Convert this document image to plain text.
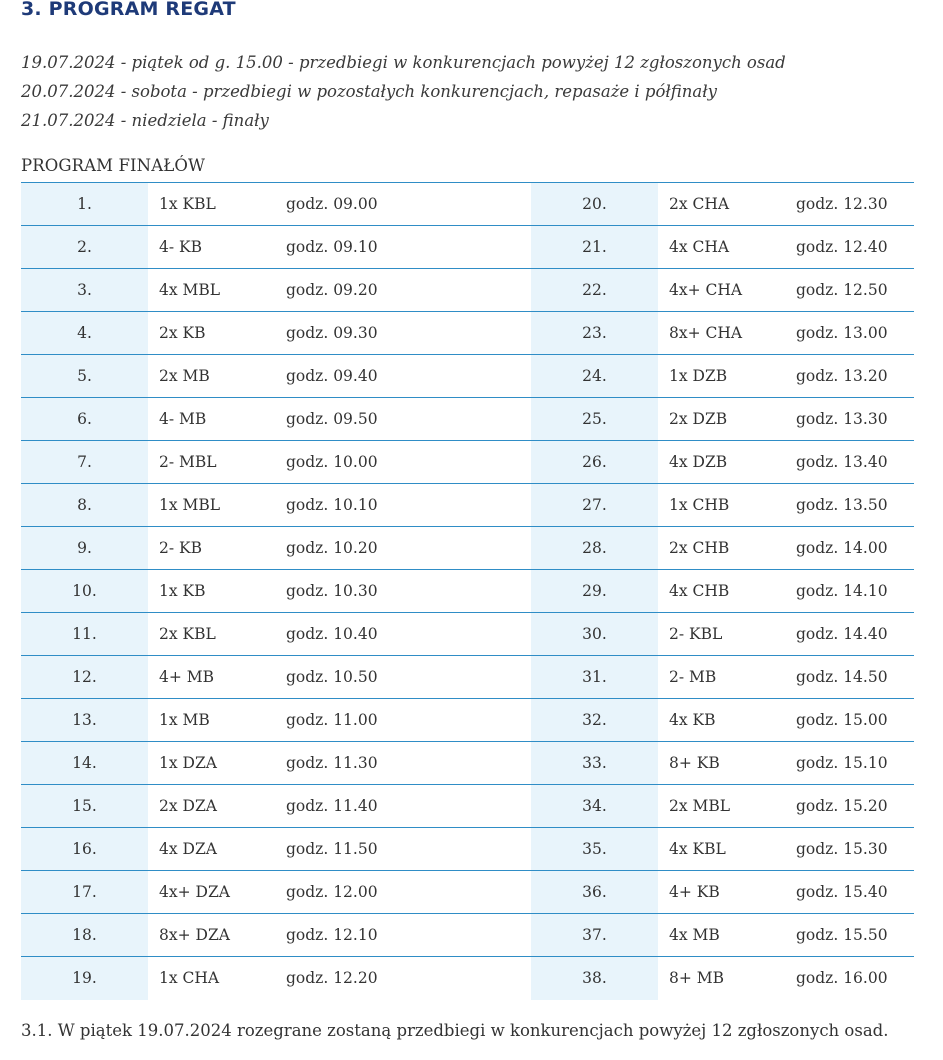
3. PROGRAM REGAT
19.07.2024 - piątek od g. 15.00 - przedbiegi w konkurencjach powyżej 12 zgłoszonych osad
20.07.2024 - sobota - przedbiegi w pozostałych konkurencjach, repasaże i półfinały
21.07.2024 - niedziela - finały
PROGRAM FINAŁÓW
1.	1x KBL	godz. 09.00	20.	2x CHA	godz. 12.30
2.	4- KB	godz. 09.10	21.	4x CHA	godz. 12.40
3.	4x MBL	godz. 09.20	22.	4x+ CHA	godz. 12.50
4.	2x KB	godz. 09.30	23.	8x+ CHA	godz. 13.00
5.	2x MB	godz. 09.40	24.	1x DZB	godz. 13.20
6.	4- MB	godz. 09.50	25.	2x DZB	godz. 13.30
7.	2- MBL	godz. 10.00	26.	4x DZB	godz. 13.40
8.	1x MBL	godz. 10.10	27.	1x CHB	godz. 13.50
9.	2- KB	godz. 10.20	28.	2x CHB	godz. 14.00
10.	1x KB	godz. 10.30	29.	4x CHB	godz. 14.10
11.	2x KBL	godz. 10.40	30.	2- KBL	godz. 14.40
12.	4+ MB	godz. 10.50	31.	2- MB	godz. 14.50
13.	1x MB	godz. 11.00	32.	4x KB	godz. 15.00
14.	1x DZA	godz. 11.30	33.	8+ KB	godz. 15.10
15.	2x DZA	godz. 11.40	34.	2x MBL	godz. 15.20
16.	4x DZA	godz. 11.50	35.	4x KBL	godz. 15.30
17.	4x+ DZA	godz. 12.00	36.	4+ KB	godz. 15.40
18.	8x+ DZA	godz. 12.10	37.	4x MB	godz. 15.50
19.	1x CHA	godz. 12.20	38.	8+ MB	godz. 16.00
3.1. W piątek 19.07.2024 rozegrane zostaną przedbiegi w konkurencjach powyżej 12 zgłoszonych osad.
